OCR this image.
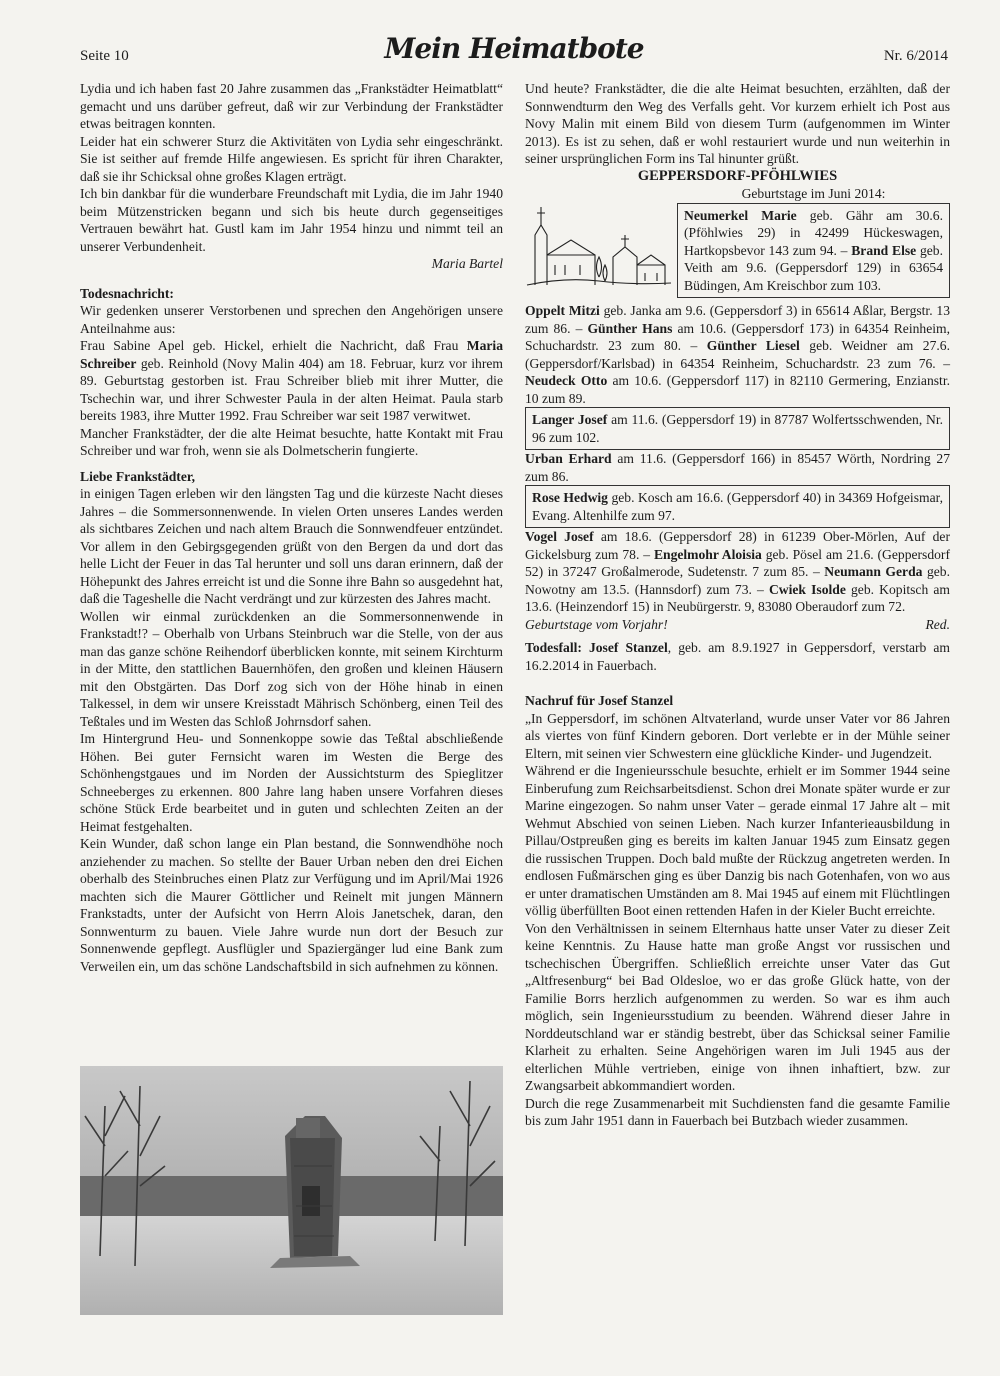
Seite 10	Mein Heimatbote	Nr. 6/2014

Lydia und ich haben fast 20 Jahre zusammen das „Frankstädter Heimatblatt“ gemacht und uns darüber gefreut, daß wir zur Verbindung der Frankstädter etwas beitragen konnten.

Leider hat ein schwerer Sturz die Aktivitäten von Lydia sehr eingeschränkt. Sie ist seither auf fremde Hilfe angewiesen. Es spricht für ihren Charakter, daß sie ihr Schicksal ohne großes Klagen erträgt.

Ich bin dankbar für die wunderbare Freundschaft mit Lydia, die im Jahr 1940 beim Mützenstricken begann und sich bis heute durch gegenseitiges Vertrauen bewährt hat. Gustl kam im Jahr 1954 hinzu und nimmt teil an unserer Verbundenheit.

Maria Bartel

Todesnachricht:

Wir gedenken unserer Verstorbenen und sprechen den Angehörigen unsere Anteilnahme aus:

Frau Sabine Apel geb. Hickel, erhielt die Nachricht, daß Frau Maria Schreiber geb. Reinhold (Novy Malin 404) am 18. Februar, kurz vor ihrem 89. Geburtstag gestorben ist. Frau Schreiber blieb mit ihrer Mutter, die Tschechin war, und ihrer Schwester Paula in der alten Heimat. Paula starb bereits 1983, ihre Mutter 1992. Frau Schreiber war seit 1987 verwitwet.

Mancher Frankstädter, der die alte Heimat besuchte, hatte Kontakt mit Frau Schreiber und war froh, wenn sie als Dolmetscherin fungierte.

Liebe Frankstädter,

in einigen Tagen erleben wir den längsten Tag und die kürzeste Nacht dieses Jahres – die Sommersonnenwende. In vielen Orten unseres Landes werden als sichtbares Zeichen und nach altem Brauch die Sonnwendfeuer entzündet. Vor allem in den Gebirgsgegenden grüßt von den Bergen da und dort das helle Licht der Feuer in das Tal herunter und soll uns daran erinnern, daß der Höhepunkt des Jahres erreicht ist und die Sonne ihre Bahn so ausgedehnt hat, daß die Tageshelle die Nacht verdrängt und zur kürzesten des Jahres macht.

Wollen wir einmal zurückdenken an die Sommersonnenwende in Frankstadt!? – Oberhalb von Urbans Steinbruch war die Stelle, von der aus man das ganze schöne Reihendorf überblicken konnte, mit seinem Kirchturm in der Mitte, den stattlichen Bauernhöfen, den großen und kleinen Häusern mit den Obstgärten. Das Dorf zog sich von der Höhe hinab in einen Talkessel, in dem wir unsere Kreisstadt Mährisch Schönberg, einen Teil des Teßtales und im Westen das Schloß Johrnsdorf sahen.

Im Hintergrund Heu- und Sonnenkoppe sowie das Teßtal abschließende Höhen. Bei guter Fernsicht waren im Westen die Berge des Schönhengstgaues und im Norden der Aussichtsturm des Spieglitzer Schneeberges zu erkennen. 800 Jahre lang haben unsere Vorfahren dieses schöne Stück Erde bearbeitet und in guten und schlechten Zeiten an der Heimat festgehalten.

Kein Wunder, daß schon lange ein Plan bestand, die Sonnwendhöhe noch anziehender zu machen. So stellte der Bauer Urban neben den drei Eichen oberhalb des Steinbruches einen Platz zur Verfügung und im April/Mai 1926 machten sich die Maurer Göttlicher und Reinelt mit jungen Männern Frankstadts, unter der Aufsicht von Herrn Alois Janetschek, daran, den Sonnwenturm zu bauen. Viele Jahre wurde nun dort der Besuch zur Sonnenwende gepflegt. Ausflügler und Spaziergänger lud eine Bank zum Verweilen ein, um das schöne Landschaftsbild in sich aufnehmen zu können.

Und heute? Frankstädter, die die alte Heimat besuchten, erzählten, daß der Sonnwendturm den Weg des Verfalls geht. Vor kurzem erhielt ich Post aus Novy Malin mit einem Bild von diesem Turm (aufgenommen im Winter 2013). Es ist zu sehen, daß er wohl restauriert wurde und nun weiterhin in seiner ursprünglichen Form ins Tal hinunter grüßt.

GEPPERSDORF-PFÖHLWIES

Geburtstage im Juni 2014:

Neumerkel Marie geb. Gähr am 30.6. (Pföhlwies 29) in 42499 Hückeswagen, Hartkopsbevor 143 zum 94. – Brand Else geb. Veith am 9.6. (Geppersdorf 129) in 63654 Büdingen, Am Kreischbor zum 103.

Oppelt Mitzi geb. Janka am 9.6. (Geppersdorf 3) in 65614 Aßlar, Bergstr. 13 zum 86. – Günther Hans am 10.6. (Geppersdorf 173) in 64354 Reinheim, Schuchardstr. 23 zum 80. – Günther Liesel geb. Weidner am 27.6. (Geppersdorf/Karlsbad) in 64354 Reinheim, Schuchardstr. 23 zum 76. – Neudeck Otto am 10.6. (Geppersdorf 117) in 82110 Germering, Enzianstr. 10 zum 89.

Langer Josef am 11.6. (Geppersdorf 19) in 87787 Wolfertsschwenden, Nr. 96 zum 102.

Urban Erhard am 11.6. (Geppersdorf 166) in 85457 Wörth, Nordring 27 zum 86.

Rose Hedwig geb. Kosch am 16.6. (Geppersdorf 40) in 34369 Hofgeismar, Evang. Altenhilfe zum 97.

Vogel Josef am 18.6. (Geppersdorf 28) in 61239 Ober-Mörlen, Auf der Gickelsburg zum 78. – Engelmohr Aloisia geb. Pösel am 21.6. (Geppersdorf 52) in 37247 Großalmerode, Sudetenstr. 7 zum 85. – Neumann Gerda geb. Nowotny am 13.5. (Hannsdorf) zum 73. – Cwiek Isolde geb. Kopitsch am 13.6. (Heinzendorf 15) in Neubürgerstr. 9, 83080 Oberaudorf zum 72.

Geburtstage vom Vorjahr!	Red.

Todesfall: Josef Stanzel, geb. am 8.9.1927 in Geppersdorf, verstarb am 16.2.2014 in Fauerbach.

Nachruf für Josef Stanzel

„In Geppersdorf, im schönen Altvaterland, wurde unser Vater vor 86 Jahren als viertes von fünf Kindern geboren. Dort verlebte er in der Mühle seiner Eltern, mit seinen vier Schwestern eine glückliche Kinder- und Jugendzeit.

Während er die Ingenieursschule besuchte, erhielt er im Sommer 1944 seine Einberufung zum Reichsarbeitsdienst. Schon drei Monate später wurde er zur Marine eingezogen. So nahm unser Vater – gerade einmal 17 Jahre alt – mit Wehmut Abschied von seinen Lieben. Nach kurzer Infanterieausbildung in Pillau/Ostpreußen ging es bereits im kalten Januar 1945 zum Einsatz gegen die russischen Truppen. Doch bald mußte der Rückzug angetreten werden. In endlosen Fußmärschen ging es über Danzig bis nach Gotenhafen, von wo aus er unter dramatischen Umständen am 8. Mai 1945 auf einem mit Flüchtlingen völlig überfüllten Boot einen rettenden Hafen in der Kieler Bucht erreichte.

Von den Verhältnissen in seinem Elternhaus hatte unser Vater zu dieser Zeit keine Kenntnis. Zu Hause hatte man große Angst vor russischen und tschechischen Übergriffen. Schließlich erreichte unser Vater das Gut „Altfresenburg“ bei Bad Oldesloe, wo er das große Glück hatte, von der Familie Borrs herzlich aufgenommen zu werden. So war es ihm auch möglich, sein Ingenieursstudium zu beenden. Während dieser Jahre in Norddeutschland war er ständig bestrebt, über das Schicksal seiner Familie Klarheit zu erhalten. Seine Angehörigen waren im Juli 1945 aus der elterlichen Mühle vertrieben, einige von ihnen inhaftiert, bzw. zur Zwangsarbeit abkommandiert worden.

Durch die rege Zusammenarbeit mit Suchdiensten fand die gesamte Familie bis zum Jahr 1951 dann in Fauerbach bei Butzbach wieder zusammen.
